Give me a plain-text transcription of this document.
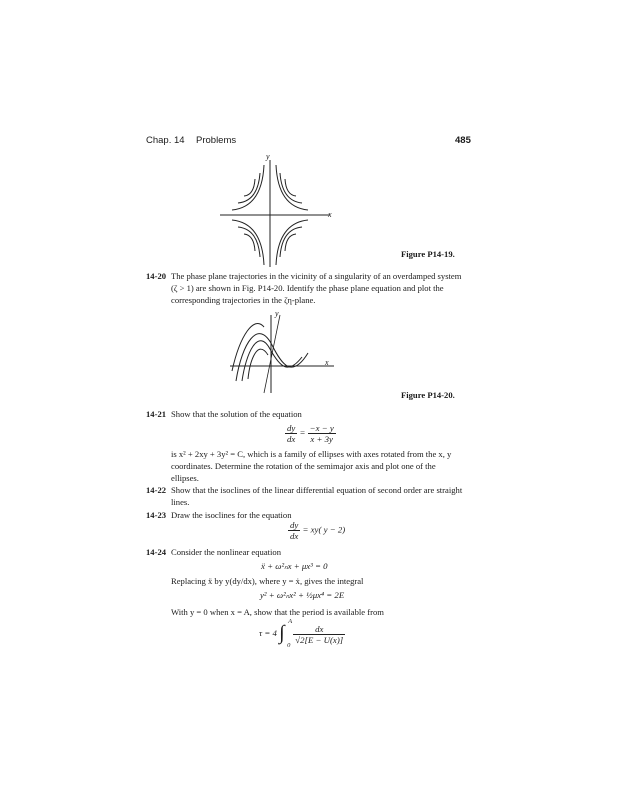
Chap. 14 Problems	485
y
x
Figure P14-19.
14-20 The phase plane trajectories in the vicinity of a singularity of an overdamped system
(ζ > 1) are shown in Fig. P14-20. Identify the phase plane equation and plot the
corresponding trajectories in the ζη-plane.
y
x
Figure P14-20.
14-21 Show that the solution of the equation
$\frac{dy}{dx} = \frac{-x - y}{x + 3y}$
is x² + 2xy + 3y² = C, which is a family of ellipses with axes rotated from the x, y
coordinates. Determine the rotation of the semimajor axis and plot one of the
ellipses.
14-22 Show that the isoclines of the linear differential equation of second order are straight
lines.
14-23 Draw the isoclines for the equation
$\frac{dy}{dx} = xy$( y − 2)
14-24 Consider the nonlinear equation
ẍ + ω²ₙx + μx³ = 0
Replacing ẍ by y(dy/dx), where y = ẋ, gives the integral
y² + ω²ₙx² + ½μx⁴ = 2E
With y = 0 when x = A, show that the period is available from
τ = 4 ∫
A
0

$\frac{dx}{√2[E - U(x)]}$
